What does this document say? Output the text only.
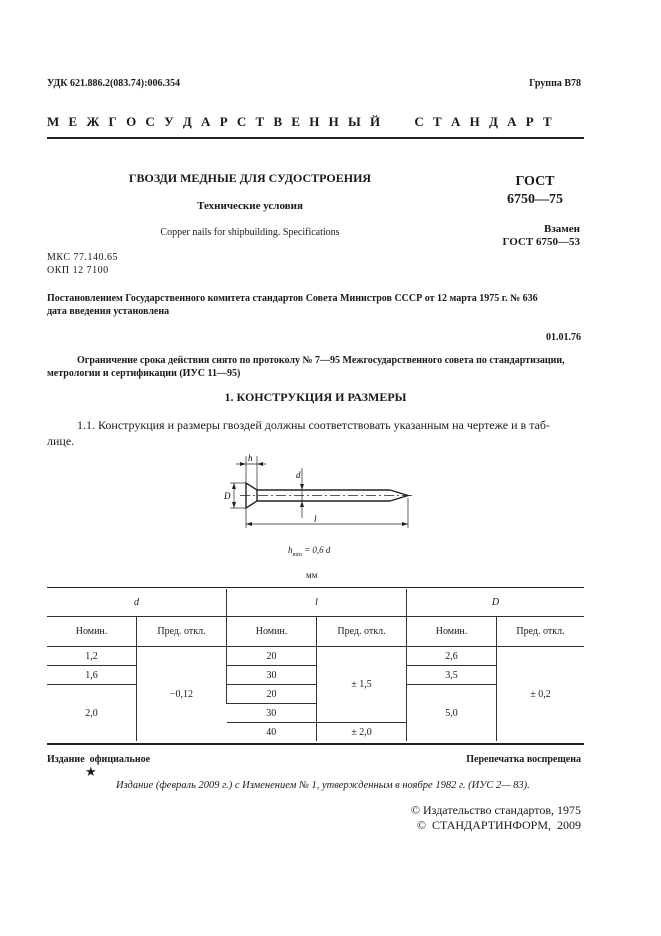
УДК 621.886.2(083.74):006.354	Группа В78
М Е Ж Г О С У Д А Р С Т В Е Н Н Ы Й     С Т А Н Д А Р Т
ГВОЗДИ МЕДНЫЕ ДЛЯ СУДОСТРОЕНИЯ
Технические условия
Copper nails for shipbuilding. Specifications
ГОСТ
6750—75
Взамен
ГОСТ 6750—53
МКС 77.140.65
ОКП 12 7100
Постановлением Государственного комитета стандартов Совета Министров СССР от 12 марта 1975 г. № 636
дата введения установлена
01.01.76
Ограничение срока действия снято по протоколу № 7—95 Межгосударственного совета по стандартизации,
метрологии и сертификации (ИУС 11—95)
1. КОНСТРУКЦИЯ И РАЗМЕРЫ
1.1. Конструкция и размеры гвоздей должны соответствовать указанным на чертеже и в таб-
лице.
h
D
d
l
$h_{min} = 0,6$ d
мм
d		l		D	
Номин.	Пред. откл.	Номин.	Пред. откл.	Номин.	Пред. откл.
1,2	−0,12	20	± 1,5	2,6	± 0,2
1,6		30		3,5	
2,0		20		5,0	
		30			
		40	± 2,0		
Издание  официальное	Перепечатка воспрещена
★
Издание (февраль 2009 г.) с Изменением № 1, утвержденным в ноябре 1982 г. (ИУС 2— 83).
© Издательство стандартов, 1975
©  СТАНДАРТИНФОРМ,  2009
